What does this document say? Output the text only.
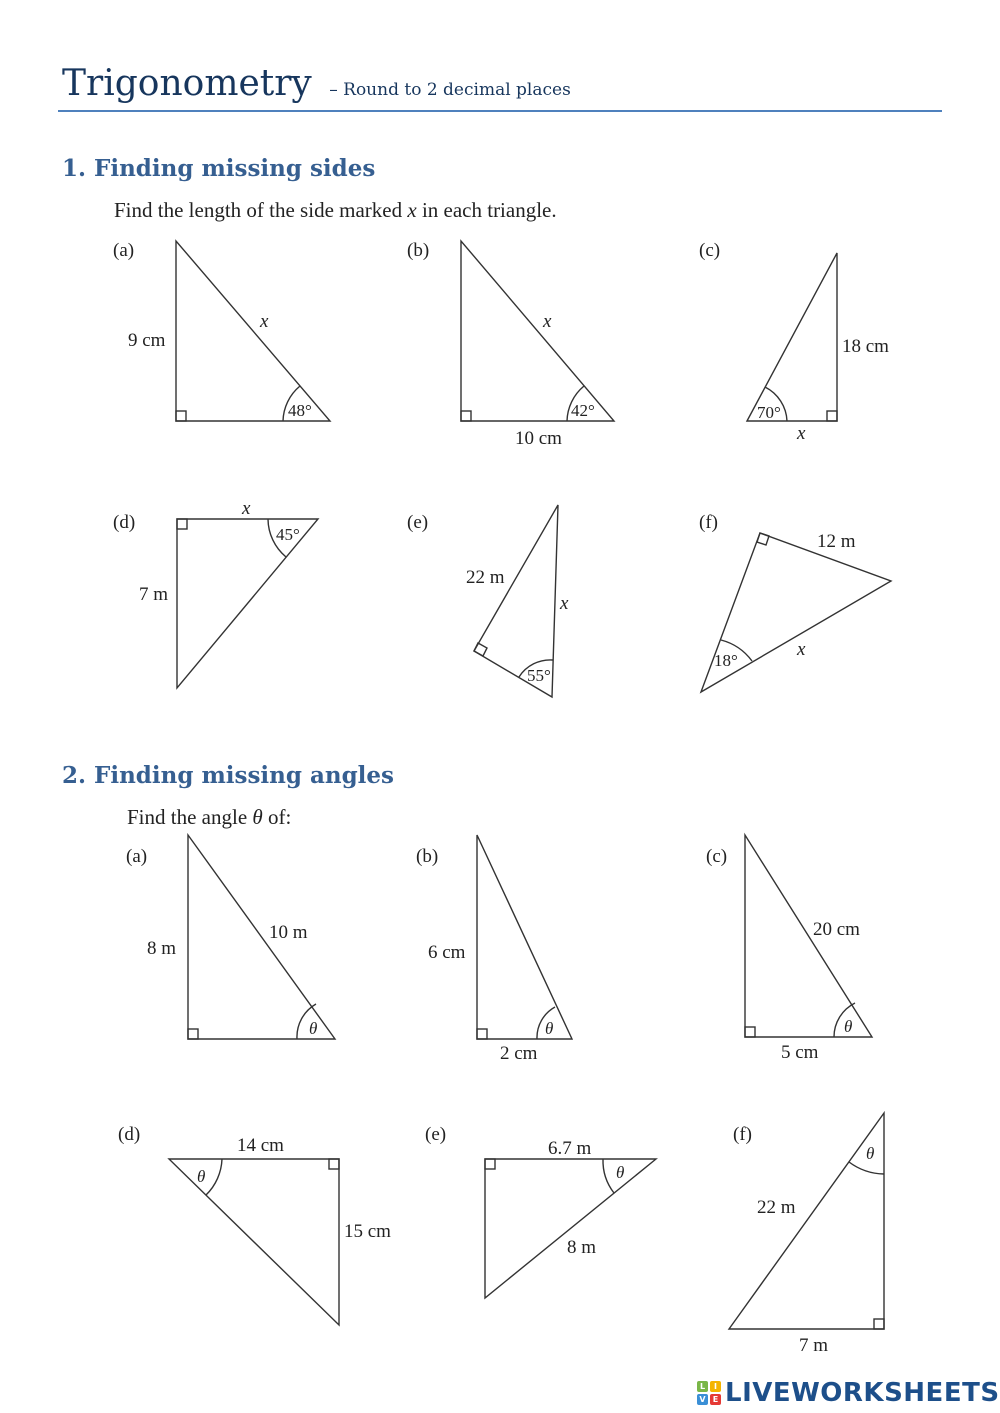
Trigonometry – Round to 2 decimal places
1. Finding missing sides
Find the length of the side marked x in each triangle.
2. Finding missing angles
Find the angle θ of:
(a)
9 cm
x
48°
(b)
x
42°
10 cm
(c)
18 cm
70°
x
(d)
x
45°
7 m
(e)
22 m
x
55°
(f)
12 m
18°
x
(a)
8 m
10 m
θ
(b)
6 cm
θ
2 cm
(c)
20 cm
θ
5 cm
(d)
14 cm
θ
15 cm
(e)
6.7 m
θ
8 m
(f)
θ
22 m
7 m
L	I
V E LIVEWORKSHEETS
